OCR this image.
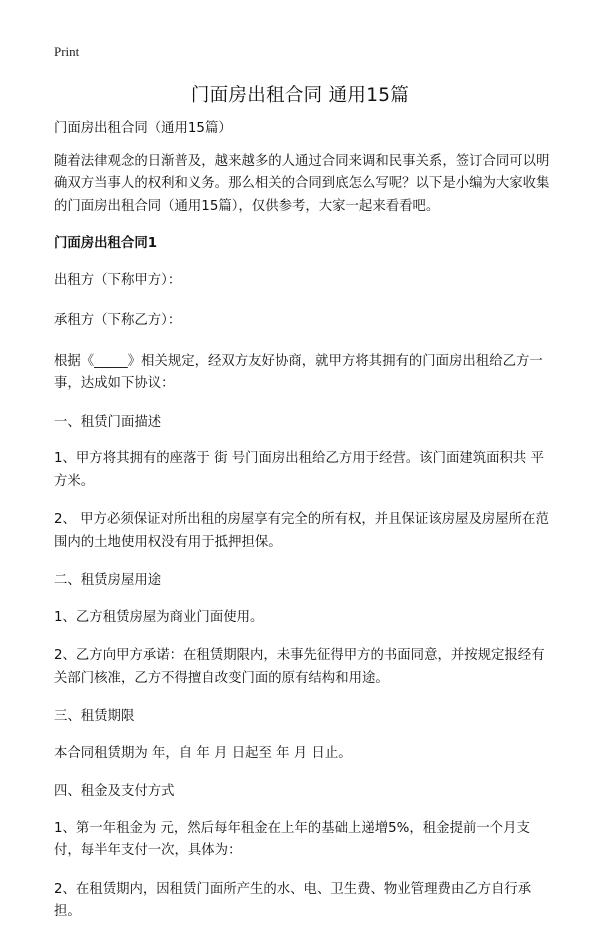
Print
门面房出租合同 通用15篇

门面房出租合同（通用15篇）

随着法律观念的日渐普及，越来越多的人通过合同来调和民事关系，签订合同可以明确双方当事人的权利和义务。那么相关的合同到底怎么写呢？以下是小编为大家收集的门面房出租合同（通用15篇），仅供参考，大家一起来看看吧。

门面房出租合同1

出租方（下称甲方）：

承租方（下称乙方）：

根据《_____》相关规定，经双方友好协商，就甲方将其拥有的门面房出租给乙方一事，达成如下协议：

一、租赁门面描述

1、甲方将其拥有的座落于 街 号门面房出租给乙方用于经营。该门面建筑面积共 平方米。

2、 甲方必须保证对所出租的房屋享有完全的所有权，并且保证该房屋及房屋所在范围内的土地使用权没有用于抵押担保。

二、租赁房屋用途

1、乙方租赁房屋为商业门面使用。

2、乙方向甲方承诺：在租赁期限内，未事先征得甲方的书面同意，并按规定报经有关部门核准，乙方不得擅自改变门面的原有结构和用途。

三、租赁期限

本合同租赁期为 年，自 年 月 日起至 年 月 日止。

四、租金及支付方式

1、第一年租金为 元，然后每年租金在上年的基础上递增5%，租金提前一个月支付，每半年支付一次，具体为：

2、在租赁期内，因租赁门面所产生的水、电、卫生费、物业管理费由乙方自行承担。
